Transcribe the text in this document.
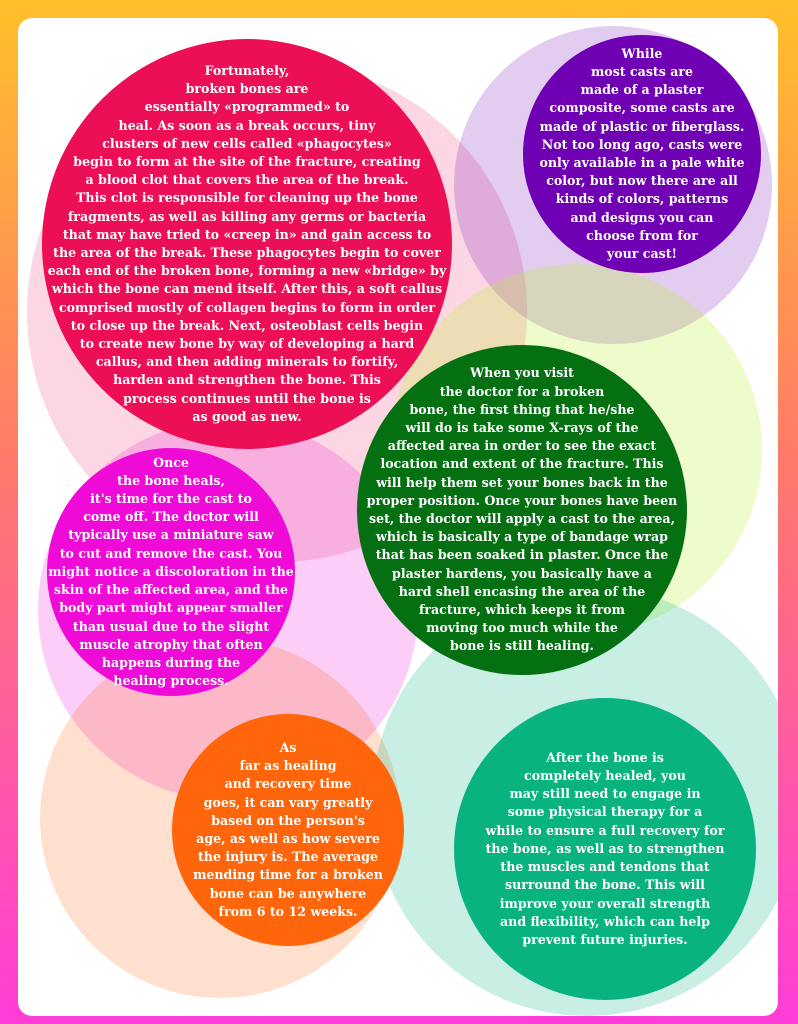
Fortunately,
broken bones are
essentially «programmed» to
heal. As soon as a break occurs, tiny
clusters of new cells called «phagocytes»
begin to form at the site of the fracture, creating
a blood clot that covers the area of the break.
This clot is responsible for cleaning up the bone
fragments, as well as killing any germs or bacteria
that may have tried to «creep in» and gain access to
the area of the break. These phagocytes begin to cover
each end of the broken bone, forming a new «bridge» by
which the bone can mend itself. After this, a soft callus
comprised mostly of collagen begins to form in order
to close up the break. Next, osteoblast cells begin
to create new bone by way of developing a hard
callus, and then adding minerals to fortify,
harden and strengthen the bone. This
process continues until the bone is
as good as new.

While
most casts are
made of a plaster
composite, some casts are
made of plastic or fiberglass.
Not too long ago, casts were
only available in a pale white
color, but now there are all
kinds of colors, patterns
and designs you can
choose from for
your cast!

When you visit
the doctor for a broken
bone, the first thing that he/she
will do is take some X-rays of the
affected area in order to see the exact
location and extent of the fracture. This
will help them set your bones back in the
proper position. Once your bones have been
set, the doctor will apply a cast to the area,
which is basically a type of bandage wrap
that has been soaked in plaster. Once the
plaster hardens, you basically have a
hard shell encasing the area of the
fracture, which keeps it from
moving too much while the
bone is still healing.

Once
the bone heals,
it's time for the cast to
come off. The doctor will
typically use a miniature saw
to cut and remove the cast. You
might notice a discoloration in the
skin of the affected area, and the
body part might appear smaller
than usual due to the slight
muscle atrophy that often
happens during the
healing process.

As
far as healing
and recovery time
goes, it can vary greatly
based on the person's
age, as well as how severe
the injury is. The average
mending time for a broken
bone can be anywhere
from 6 to 12 weeks.

After the bone is
completely healed, you
may still need to engage in
some physical therapy for a
while to ensure a full recovery for
the bone, as well as to strengthen
the muscles and tendons that
surround the bone. This will
improve your overall strength
and flexibility, which can help
prevent future injuries.
